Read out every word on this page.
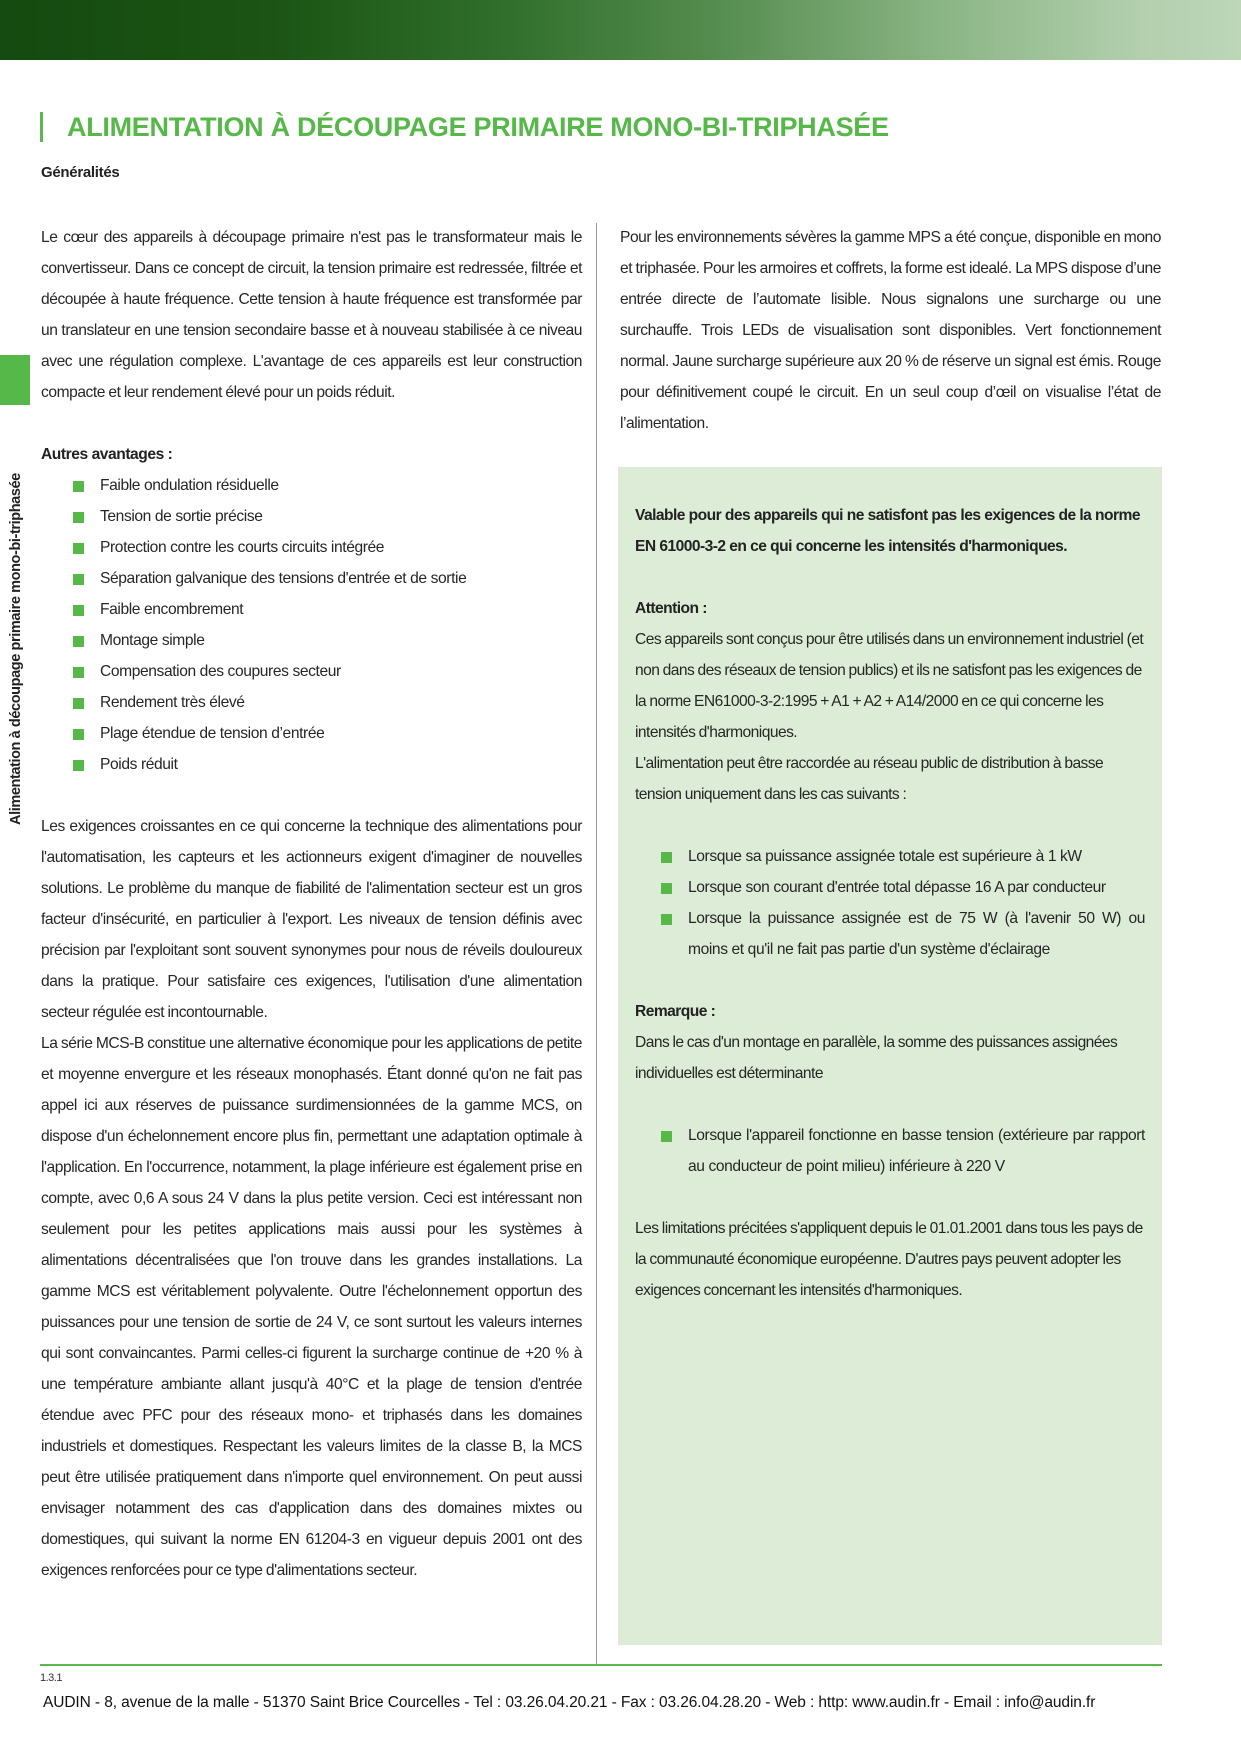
ALIMENTATION À DÉCOUPAGE PRIMAIRE MONO-BI-TRIPHASÉE
Généralités
Alimentation à découpage primaire mono-bi-triphasée

Le cœur des appareils à découpage primaire n'est pas le transformateur mais le convertisseur. Dans ce concept de circuit, la tension primaire est redressée, filtrée et découpée à haute fréquence. Cette tension à haute fréquence est transformée par un translateur en une tension secondaire basse et à nouveau stabilisée à ce niveau avec une régulation complexe. L'avantage de ces appareils est leur construction compacte et leur rendement élevé pour un poids réduit.

Autres avantages :

Faible ondulation résiduelle
Tension de sortie précise
Protection contre les courts circuits intégrée
Séparation galvanique des tensions d'entrée et de sortie
Faible encombrement
Montage simple
Compensation des coupures secteur
Rendement très élevé
Plage étendue de tension d’entrée
Poids réduit

Les exigences croissantes en ce qui concerne la technique des alimentations pour l'automatisation, les capteurs et les actionneurs exigent d'imaginer de nouvelles solutions. Le problème du manque de fiabilité de l'alimentation secteur est un gros facteur d'insécurité, en particulier à l'export. Les niveaux de tension définis avec précision par l'exploitant sont souvent synonymes pour nous de réveils douloureux dans la pratique. Pour satisfaire ces exigences, l'utilisation d'une alimentation secteur régulée est incontournable.

La série MCS-B constitue une alternative économique pour les applications de petite et moyenne envergure et les réseaux monophasés. Étant donné qu'on ne fait pas appel ici aux réserves de puissance surdimensionnées de la gamme MCS, on dispose d'un échelonnement encore plus fin, permettant une adaptation optimale à l'application. En l'occurrence, notamment, la plage inférieure est également prise en compte, avec 0,6 A sous 24 V dans la plus petite version. Ceci est intéressant non seulement pour les petites applications mais aussi pour les systèmes à alimentations décentralisées que l'on trouve dans les grandes installations. La gamme MCS est véritablement polyvalente. Outre l'échelonnement opportun des puissances pour une tension de sortie de 24 V, ce sont surtout les valeurs internes qui sont convaincantes. Parmi celles-ci figurent la surcharge continue de +20 % à une température ambiante allant jusqu'à 40°C et la plage de tension d'entrée étendue avec PFC pour des réseaux mono- et triphasés dans les domaines industriels et domestiques. Respectant les valeurs limites de la classe B, la MCS peut être utilisée pratiquement dans n'importe quel environnement. On peut aussi envisager notamment des cas d'application dans des domaines mixtes ou domestiques, qui suivant la norme EN 61204-3 en vigueur depuis 2001 ont des exigences renforcées pour ce type d'alimentations secteur.

Pour les environnements sévères la gamme MPS a été conçue, disponible en mono et triphasée. Pour les armoires et coffrets, la forme est idealé. La MPS dispose d’une entrée directe de l’automate lisible. Nous signalons une surcharge ou une surchauffe. Trois LEDs de visualisation sont disponibles. Vert fonctionnement normal. Jaune surcharge supérieure aux 20 % de réserve un signal est émis. Rouge pour définitivement coupé le circuit. En un seul coup d’œil on visualise l’état de l’alimentation.

Valable pour des appareils qui ne satisfont pas les exigences de la norme EN 61000-3-2 en ce qui concerne les intensités d'harmoniques.

Attention :

Ces appareils sont conçus pour être utilisés dans un environnement industriel (et non dans des réseaux de tension publics) et ils ne satisfont pas les exigences de la norme EN61000-3-2:1995 + A1 + A2 + A14/2000 en ce qui concerne les intensités d'harmoniques.

L'alimentation peut être raccordée au réseau public de distribution à basse tension uniquement dans les cas suivants :

Lorsque sa puissance assignée totale est supérieure à 1 kW
Lorsque son courant d'entrée total dépasse 16 A par conducteur
Lorsque la puissance assignée est de 75 W (à l'avenir 50 W) ou moins et qu'il ne fait pas partie d'un système d'éclairage

Remarque :

Dans le cas d'un montage en parallèle, la somme des puissances assignées individuelles est déterminante

Lorsque l'appareil fonctionne en basse tension (extérieure par rapport au conducteur de point milieu) inférieure à 220 V

Les limitations précitées s'appliquent depuis le 01.01.2001 dans tous les pays de la communauté économique européenne. D'autres pays peuvent adopter les exigences concernant les intensités d'harmoniques.

1.3.1
AUDIN - 8, avenue de la malle - 51370 Saint Brice Courcelles - Tel : 03.26.04.20.21 - Fax : 03.26.04.28.20 - Web : http: www.audin.fr - Email : info@audin.fr
